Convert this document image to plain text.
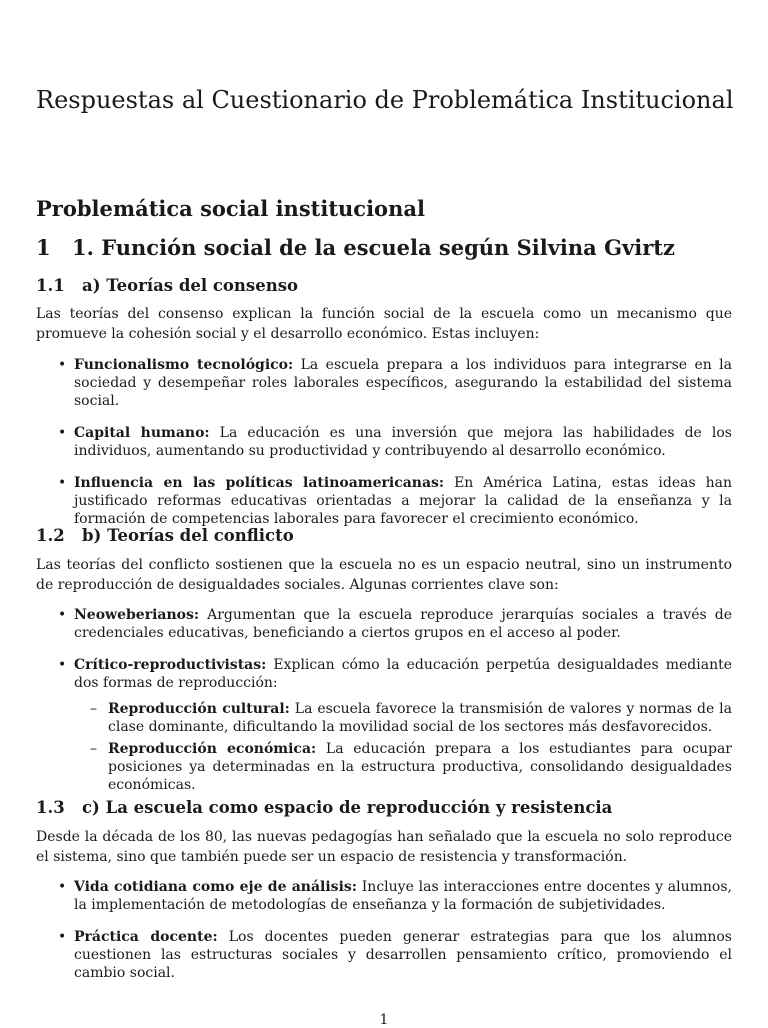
Respuestas al Cuestionario de Problemática Institucional
Problemática social institucional
1 1. Función social de la escuela según Silvina Gvirtz
1.1 a) Teorías del consenso
Las teorías del consenso explican la función social de la escuela como un mecanismo que promueve la cohesión social y el desarrollo económico. Estas incluyen:
• Funcionalismo tecnológico: La escuela prepara a los individuos para integrarse en la sociedad y desempeñar roles laborales específicos, asegurando la estabilidad del sistema social.
• Capital humano: La educación es una inversión que mejora las habilidades de los individuos, aumentando su productividad y contribuyendo al desarrollo económico.
• Influencia en las políticas latinoamericanas: En América Latina, estas ideas han justificado reformas educativas orientadas a mejorar la calidad de la enseñanza y la formación de competencias laborales para favorecer el crecimiento económico.
1.2 b) Teorías del conflicto
Las teorías del conflicto sostienen que la escuela no es un espacio neutral, sino un instrumento de reproducción de desigualdades sociales. Algunas corrientes clave son:
• Neoweberianos: Argumentan que la escuela reproduce jerarquías sociales a través de credenciales educativas, beneficiando a ciertos grupos en el acceso al poder.
• Crítico-reproductivistas: Explican cómo la educación perpetúa desigualdades mediante dos formas de reproducción:
– Reproducción cultural: La escuela favorece la transmisión de valores y normas de la clase dominante, dificultando la movilidad social de los sectores más desfavorecidos.
– Reproducción económica: La educación prepara a los estudiantes para ocupar posiciones ya determinadas en la estructura productiva, consolidando desigualdades económicas.
1.3 c) La escuela como espacio de reproducción y resistencia
Desde la década de los 80, las nuevas pedagogías han señalado que la escuela no solo reproduce el sistema, sino que también puede ser un espacio de resistencia y transformación.
• Vida cotidiana como eje de análisis: Incluye las interacciones entre docentes y alumnos, la implementación de metodologías de enseñanza y la formación de subjetividades.
• Práctica docente: Los docentes pueden generar estrategias para que los alumnos cuestionen las estructuras sociales y desarrollen pensamiento crítico, promoviendo el cambio social.
1
